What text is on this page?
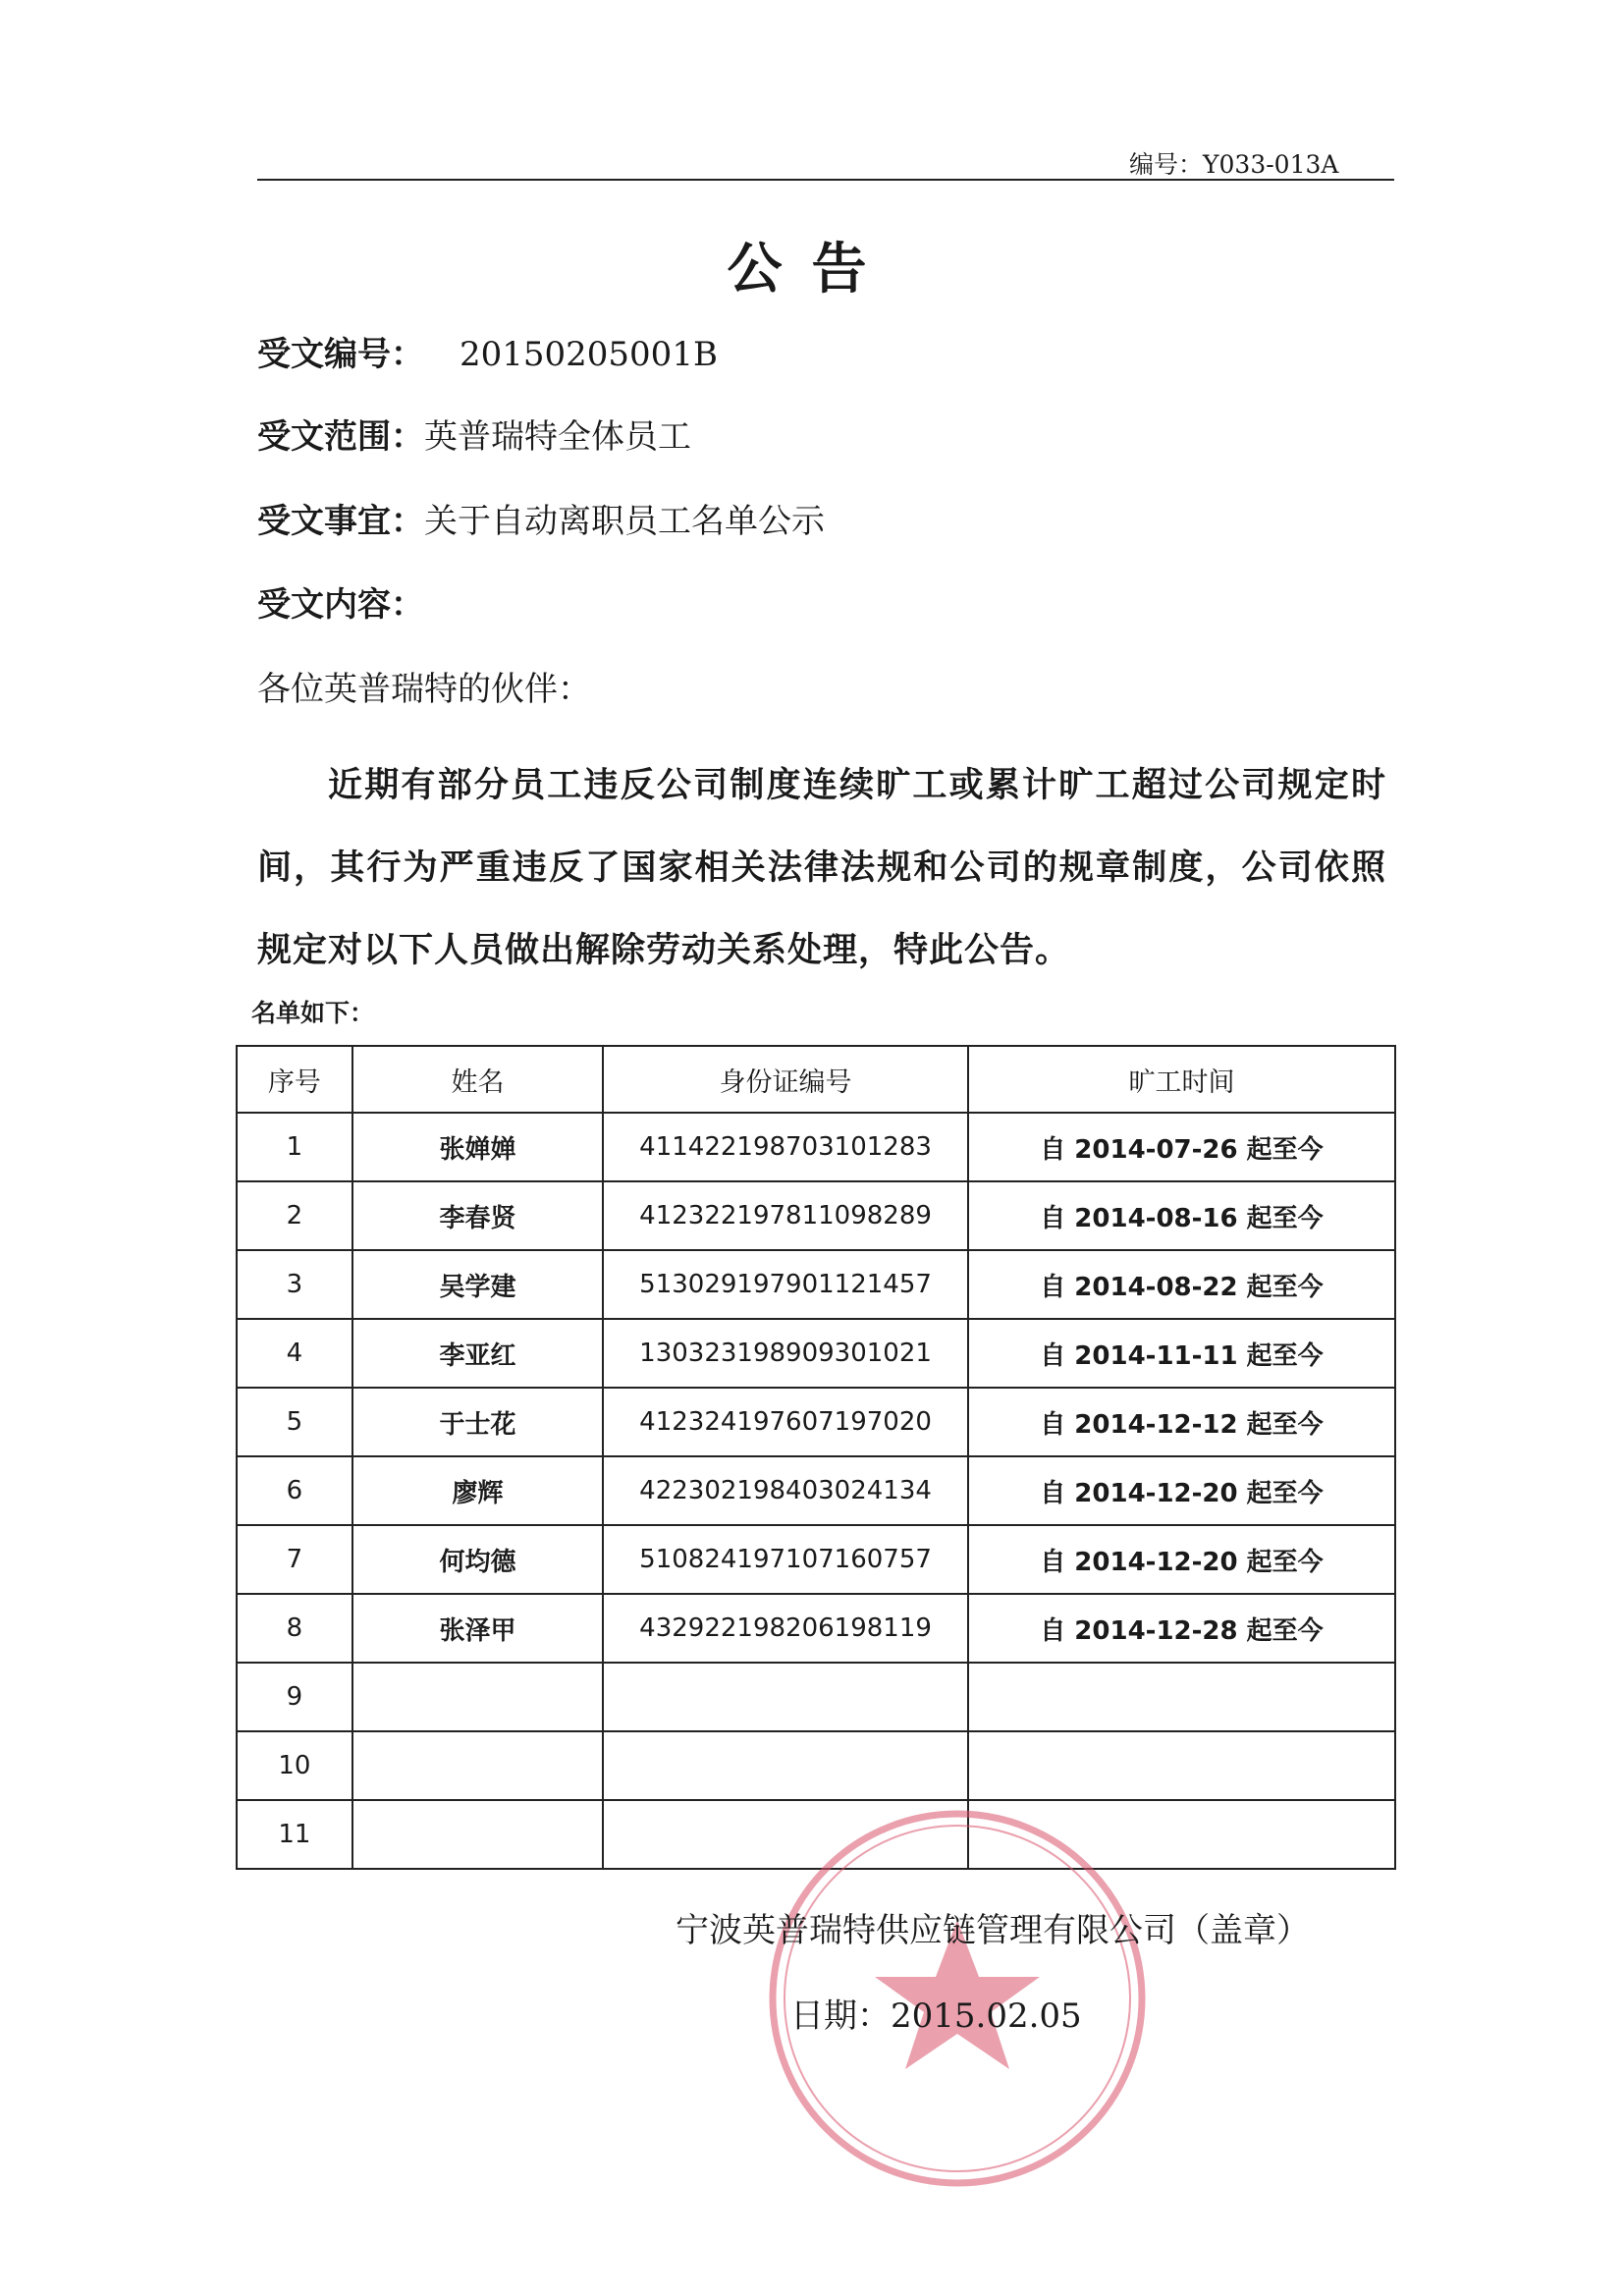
编号：Y033-013A
公告
受文编号： 20150205001B
受文范围：英普瑞特全体员工
受文事宜：关于自动离职员工名单公示
受文内容：
各位英普瑞特的伙伴：
近期有部分员工违反公司制度连续旷工或累计旷工超过公司规定时间，其行为严重违反了国家相关法律法规和公司的规章制度，公司依照规定对以下人员做出解除劳动关系处理，特此公告。
名单如下：
序号	姓名	身份证编号	旷工时间
1	张婵婵	411422198703101283	自 2014-07-26 起至今
2	李春贤	412322197811098289	自 2014-08-16 起至今
3	吴学建	513029197901121457	自 2014-08-22 起至今
4	李亚红	130323198909301021	自 2014-11-11 起至今
5	于士花	412324197607197020	自 2014-12-12 起至今
6	廖辉	422302198403024134	自 2014-12-20 起至今
7	何均德	510824197107160757	自 2014-12-20 起至今
8	张泽甲	432922198206198119	自 2014-12-28 起至今
9			
10			
11			
宁波英普瑞特供应链管理有限公司（盖章）
日期：2015.02.05
